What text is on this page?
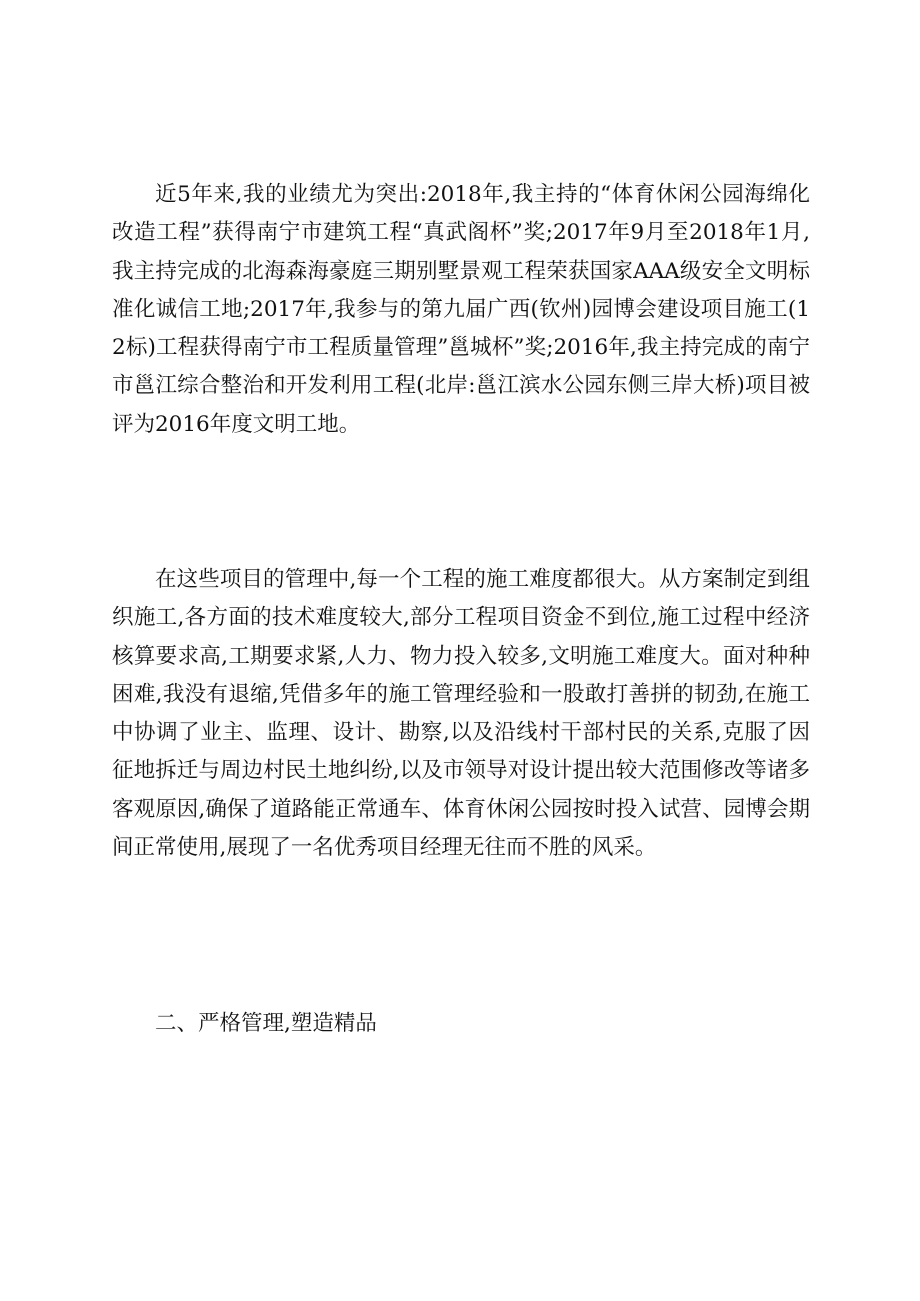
近5年来,我的业绩尤为突出:2018年,我主持的“体育休闲公园海绵化改造工程”获得南宁市建筑工程“真武阁杯”奖;2017年9月至2018年1月,我主持完成的北海森海豪庭三期别墅景观工程荣获国家AAA级安全文明标准化诚信工地;2017年,我参与的第九届广西(钦州)园博会建设项目施工(12标)工程获得南宁市工程质量管理”邕城杯”奖;2016年,我主持完成的南宁市邕江综合整治和开发利用工程(北岸:邕江滨水公园东侧三岸大桥)项目被评为2016年度文明工地。

在这些项目的管理中,每一个工程的施工难度都很大。从方案制定到组织施工,各方面的技术难度较大,部分工程项目资金不到位,施工过程中经济核算要求高,工期要求紧,人力、物力投入较多,文明施工难度大。面对种种困难,我没有退缩,凭借多年的施工管理经验和一股敢打善拼的韧劲,在施工中协调了业主、监理、设计、勘察,以及沿线村干部村民的关系,克服了因征地拆迁与周边村民土地纠纷,以及市领导对设计提出较大范围修改等诸多客观原因,确保了道路能正常通车、体育休闲公园按时投入试营、园博会期间正常使用,展现了一名优秀项目经理无往而不胜的风采。

二、严格管理,塑造精品
